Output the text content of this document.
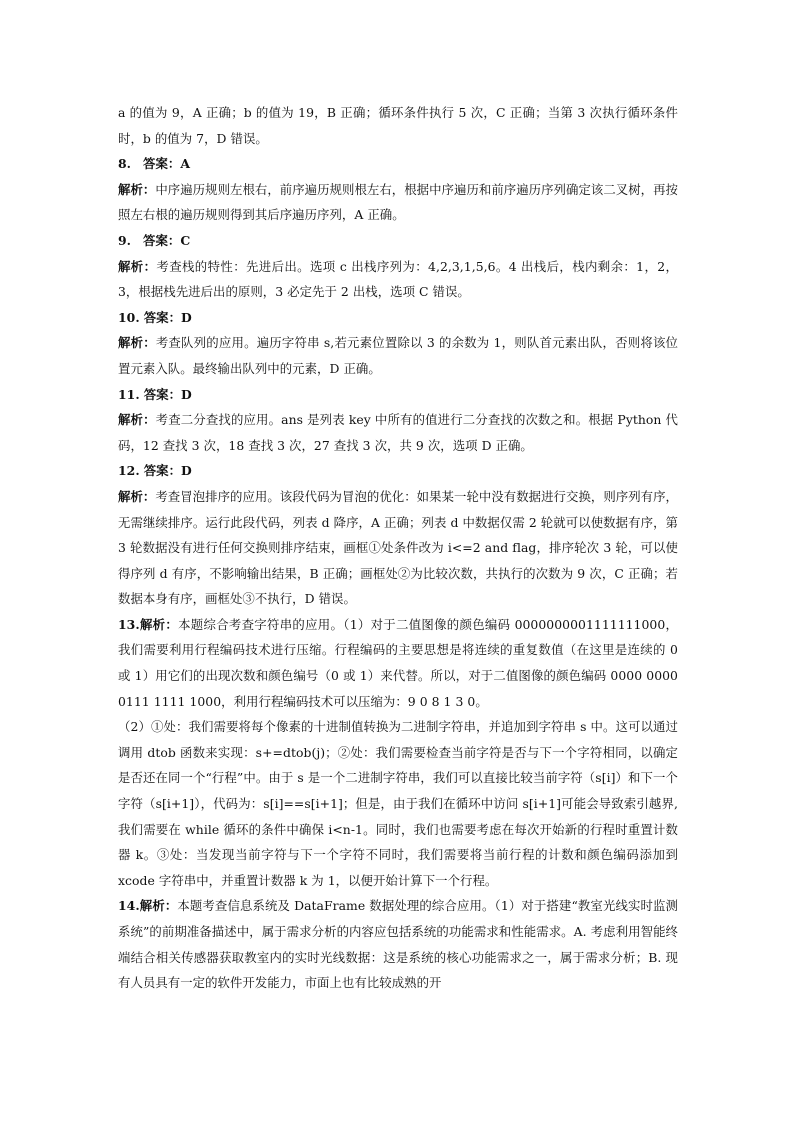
a 的值为 9，A 正确；b 的值为 19，B 正确；循环条件执行 5 次，C 正确；当第 3 次执行循环条件时，b 的值为 7，D 错误。

8. 答案：A

解析：中序遍历规则左根右，前序遍历规则根左右，根据中序遍历和前序遍历序列确定该二叉树，再按照左右根的遍历规则得到其后序遍历序列，A 正确。

9. 答案：C

解析：考查栈的特性：先进后出。选项 c 出栈序列为：4,2,3,1,5,6。4 出栈后，栈内剩余：1，2，3，根据栈先进后出的原则，3 必定先于 2 出栈，选项 C 错误。

10. 答案：D

解析：考查队列的应用。遍历字符串 s,若元素位置除以 3 的余数为 1，则队首元素出队，否则将该位置元素入队。最终输出队列中的元素，D 正确。

11. 答案：D

解析：考查二分查找的应用。ans 是列表 key 中所有的值进行二分查找的次数之和。根据 Python 代码，12 查找 3 次，18 查找 3 次，27 查找 3 次，共 9 次，选项 D 正确。

12. 答案：D

解析：考查冒泡排序的应用。该段代码为冒泡的优化：如果某一轮中没有数据进行交换，则序列有序，无需继续排序。运行此段代码，列表 d 降序，A 正确；列表 d 中数据仅需 2 轮就可以使数据有序，第 3 轮数据没有进行任何交换则排序结束，画框①处条件改为 i<=2 and flag，排序轮次 3 轮，可以使得序列 d 有序，不影响输出结果，B 正确；画框处②为比较次数，共执行的次数为 9 次，C 正确；若数据本身有序，画框处③不执行，D 错误。

13.解析：本题综合考查字符串的应用。（1）对于二值图像的颜色编码 0000000001111111000，我们需要利用行程编码技术进行压缩。行程编码的主要思想是将连续的重复数值（在这里是连续的 0 或 1）用它们的出现次数和颜色编号（0 或 1）来代替。所以，对于二值图像的颜色编码 0000 0000 0111 1111 1000，利用行程编码技术可以压缩为：9 0 8 1 3 0。

（2）①处：我们需要将每个像素的十进制值转换为二进制字符串，并追加到字符串 s 中。这可以通过调用 dtob 函数来实现：s+=dtob(j)；②处：我们需要检查当前字符是否与下一个字符相同，以确定是否还在同一个“行程”中。由于 s 是一个二进制字符串，我们可以直接比较当前字符（s[i]）和下一个字符（s[i+1]），代码为：s[i]==s[i+1]；但是，由于我们在循环中访问 s[i+1]可能会导致索引越界,我们需要在 while 循环的条件中确保 i<n-1。同时，我们也需要考虑在每次开始新的行程时重置计数器 k。③处：当发现当前字符与下一个字符不同时，我们需要将当前行程的计数和颜色编码添加到 xcode 字符串中，并重置计数器 k 为 1，以便开始计算下一个行程。

14.解析：本题考查信息系统及 DataFrame 数据处理的综合应用。（1）对于搭建“教室光线实时监测系统”的前期准备描述中，属于需求分析的内容应包括系统的功能需求和性能需求。A. 考虑利用智能终端结合相关传感器获取教室内的实时光线数据：这是系统的核心功能需求之一，属于需求分析；B. 现有人员具有一定的软件开发能力，市面上也有比较成熟的开
